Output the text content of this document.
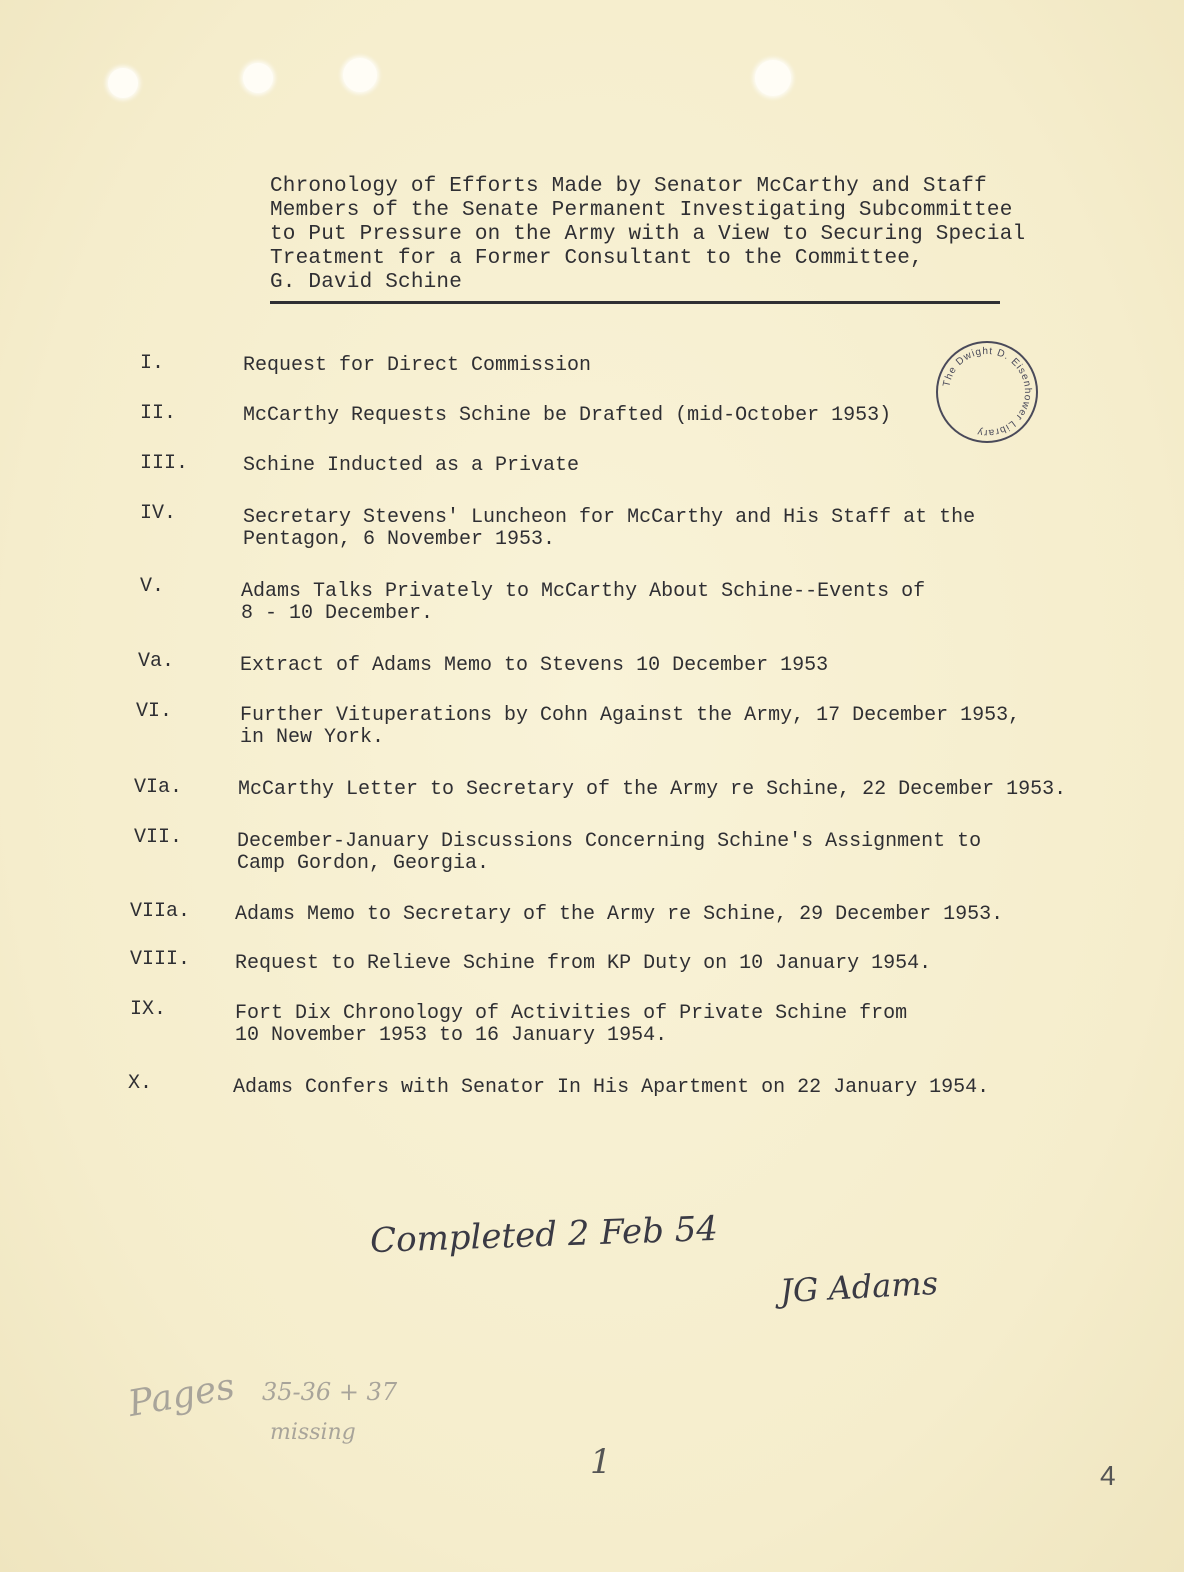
Chronology of Efforts Made by Senator McCarthy and Staff
Members of the Senate Permanent Investigating Subcommittee
to Put Pressure on the Army with a View to Securing Special
Treatment for a Former Consultant to the Committee,
G. David Schine
I.	Request for Direct Commission
II.	McCarthy Requests Schine be Drafted (mid-October 1953)
III.	Schine Inducted as a Private
IV.	Secretary Stevens' Luncheon for McCarthy and His Staff at the
Pentagon, 6 November 1953.
V.	Adams Talks Privately to McCarthy About Schine--Events of
8 - 10 December.
Va.	Extract of Adams Memo to Stevens 10 December 1953
VI.	Further Vituperations by Cohn Against the Army, 17 December 1953,
in New York.
VIa.	McCarthy Letter to Secretary of the Army re Schine, 22 December 1953.
VII.	December-January Discussions Concerning Schine's Assignment to
Camp Gordon, Georgia.
VIIa.	Adams Memo to Secretary of the Army re Schine, 29 December 1953.
VIII.	Request to Relieve Schine from KP Duty on 10 January 1954.
IX.	Fort Dix Chronology of Activities of Private Schine from
10 November 1953 to 16 January 1954.
X.	Adams Confers with Senator In His Apartment on 22 January 1954.
The Dwight D. Eisenhower Library
Completed 2 Feb 54
JG Adams
Pages 35-36 + 37
missing
1	4
